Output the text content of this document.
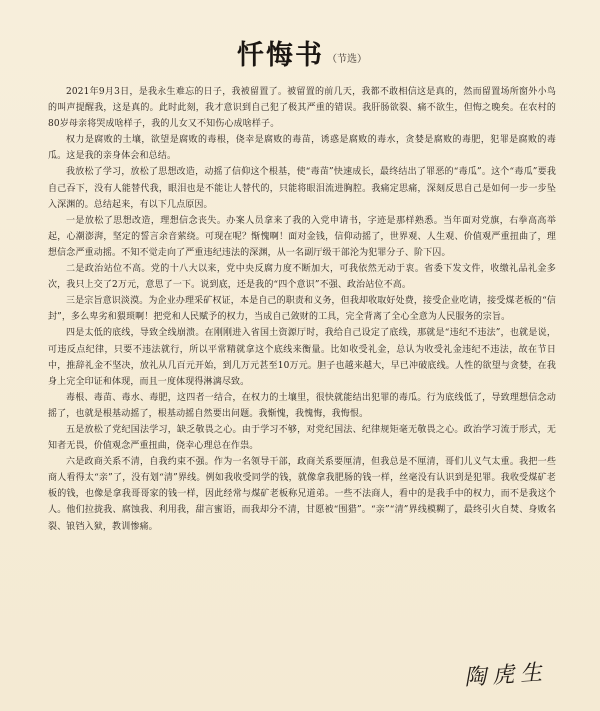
忏悔书 （节选）

2021年9月3日，是我永生难忘的日子，我被留置了。被留置的前几天，我都不敢相信这是真的，然而留置场所窗外小鸟的叫声提醒我，这是真的。此时此刻，我才意识到自己犯了极其严重的错误。我肝肠欲裂、痛不欲生，但悔之晚矣。在农村的80岁母亲将哭成啥样子，我的儿女又不知伤心成啥样子。

权力是腐败的土壤，欲望是腐败的毒根，侥幸是腐败的毒苗，诱惑是腐败的毒水，贪婪是腐败的毒肥，犯罪是腐败的毒瓜。这是我的亲身体会和总结。

我放松了学习，放松了思想改造，动摇了信仰这个根基，使“毒苗”快速成长，最终结出了罪恶的“毒瓜”。这个“毒瓜”要我自己吞下，没有人能替代我，眼泪也是不能让人替代的，只能将眼泪流进胸腔。我痛定思痛，深刻反思自己是如何一步一步坠入深渊的。总结起来，有以下几点原因。

一是放松了思想改造，理想信念丧失。办案人员拿来了我的入党申请书，字迹是那样熟悉。当年面对党旗，右拳高高举起，心潮澎湃，坚定的誓言余音萦绕。可现在呢？惭愧啊！面对金钱，信仰动摇了，世界观、人生观、价值观严重扭曲了，理想信念严重动摇。不知不觉走向了严重违纪违法的深渊，从一名副厅级干部沦为犯罪分子、阶下囚。

二是政治站位不高。党的十八大以来，党中央反腐力度不断加大，可我依然无动于衷。省委下发文件，收缴礼品礼金多次，我只上交了2万元，意思了一下。说到底，还是我的“四个意识”不强、政治站位不高。

三是宗旨意识淡漠。为企业办理采矿权证，本是自己的职责和义务，但我却收取好处费，接受企业吃请，接受煤老板的“信封”，多么卑劣和猥琐啊！把党和人民赋予的权力，当成自己敛财的工具，完全背离了全心全意为人民服务的宗旨。

四是太低的底线，导致全线崩溃。在刚刚进入省国土资源厅时，我给自己设定了底线，那就是“违纪不违法”，也就是说，可违反点纪律，只要不违法就行，所以平常精就拿这个底线来衡量。比如收受礼金，总认为收受礼金违纪不违法，故在节日中，推辞礼金不坚决，放礼从几百元开始，到几万元甚至10万元。胆子也越来越大，早已冲破底线。人性的欲望与贪婪，在我身上完全印证和体现，而且一度体现得淋漓尽致。

毒根、毒苗、毒水、毒肥，这四者一结合，在权力的土壤里，很快就能结出犯罪的毒瓜。行为底线低了，导致理想信念动摇了，也就是根基动摇了，根基动摇自然要出问题。我惭愧，我愧悔，我悔恨。

五是放松了党纪国法学习，缺乏敬畏之心。由于学习不够，对党纪国法、纪律规矩毫无敬畏之心。政治学习流于形式，无知者无畏，价值观念严重扭曲，侥幸心理总在作祟。

六是政商关系不清，自我约束不强。作为一名领导干部，政商关系要厘清，但我总是不厘清，哥们儿义气太重。我把一些商人看得太“亲”了，没有划“清”界线。例如我收受同学的钱，就像拿我肥肠的钱一样，丝毫没有认识到是犯罪。我收受煤矿老板的钱，也像是拿我哥哥家的钱一样，因此经常与煤矿老板称兄道弟。一些不法商人，看中的是我手中的权力，而不是我这个人。他们拉拢我、腐蚀我、利用我，甜言蜜语，而我却分不清，甘愿被“围猎”。“亲”“清”界线模糊了，最终引火自焚、身败名裂、锒铛入狱，教训惨痛。

陶虎生
